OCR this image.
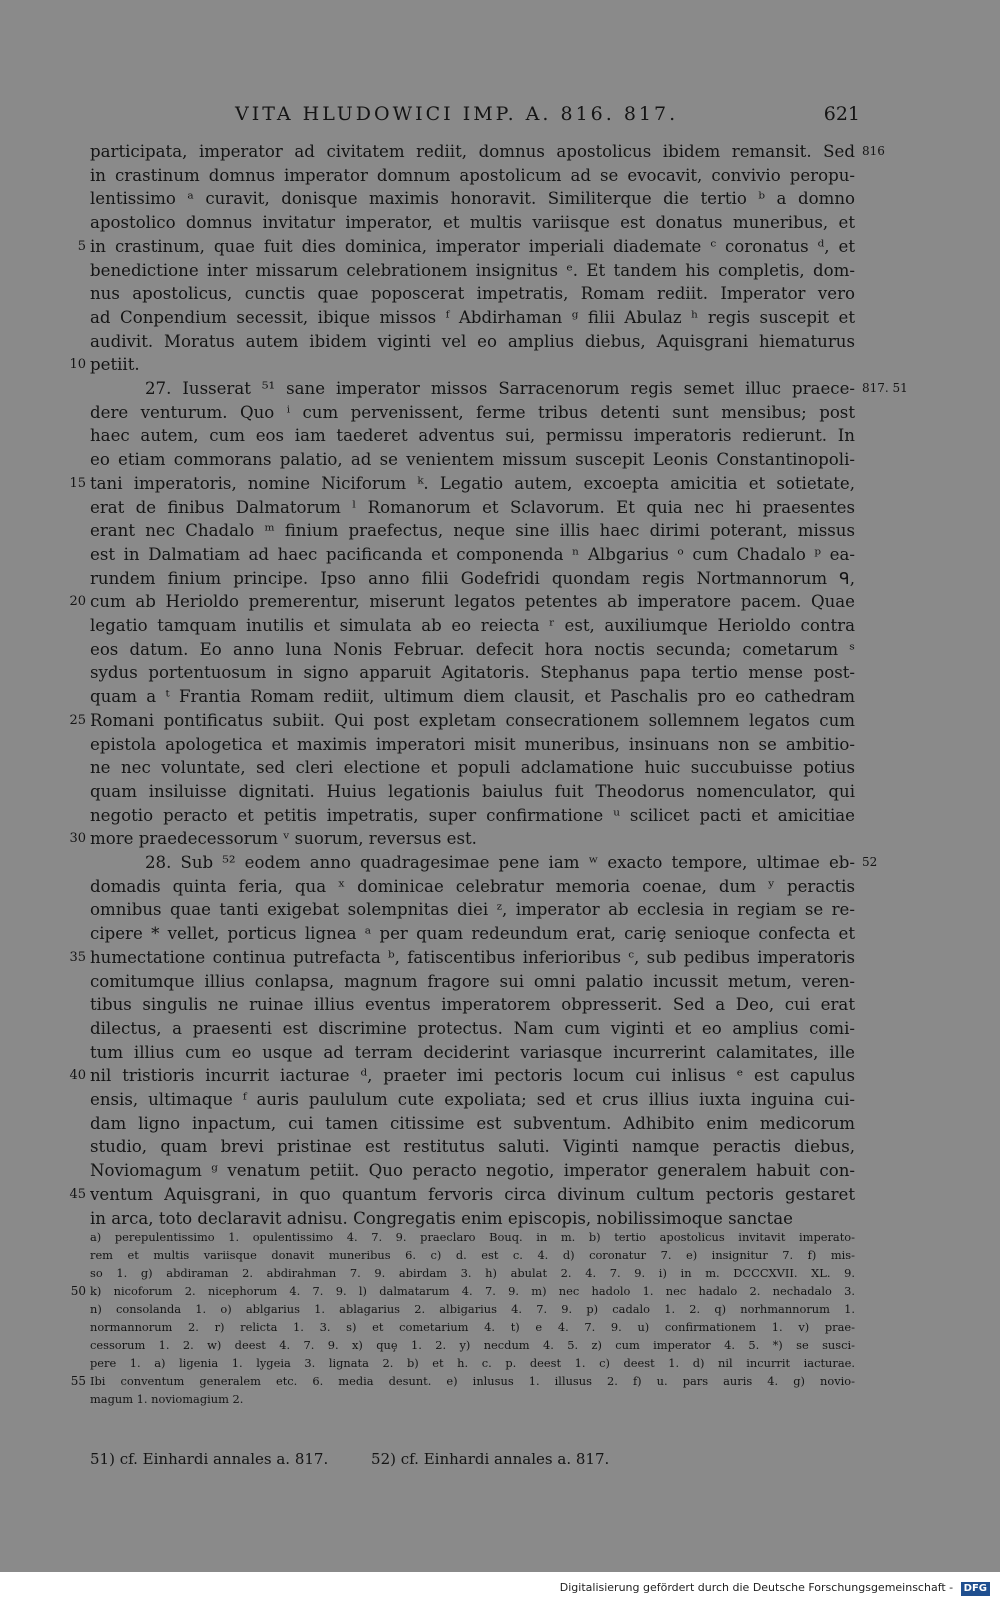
VITA HLUDOWICI IMP. A. 816. 817.	621
participata, imperator ad civitatem rediit, domnus apostolicus ibidem remansit. Sed
in crastinum domnus imperator domnum apostolicum ad se evocavit, convivio peropu-
lentissimo ᵃ curavit, donisque maximis honoravit. Similiterque die tertio ᵇ a domno
apostolico domnus invitatur imperator, et multis variisque est donatus muneribus, et
in crastinum, quae fuit dies dominica, imperator imperiali diademate ᶜ coronatus ᵈ, et
benedictione inter missarum celebrationem insignitus ᵉ. Et tandem his completis, dom-
nus apostolicus, cunctis quae poposcerat impetratis, Romam rediit. Imperator vero
ad Conpendium secessit, ibique missos ᶠ Abdirhaman ᵍ filii Abulaz ʰ regis suscepit et
audivit. Moratus autem ibidem viginti vel eo amplius diebus, Aquisgrani hiematurus
petiit.
27. Iusserat ⁵¹ sane imperator missos Sarracenorum regis semet illuc praece-
dere venturum. Quo ⁱ cum pervenissent, ferme tribus detenti sunt mensibus; post
haec autem, cum eos iam taederet adventus sui, permissu imperatoris redierunt. In
eo etiam commorans palatio, ad se venientem missum suscepit Leonis Constantinopoli-
tani imperatoris, nomine Niciforum ᵏ. Legatio autem, excoepta amicitia et sotietate,
erat de finibus Dalmatorum ˡ Romanorum et Sclavorum. Et quia nec hi praesentes
erant nec Chadalo ᵐ finium praefectus, neque sine illis haec dirimi poterant, missus
est in Dalmatiam ad haec pacificanda et componenda ⁿ Albgarius ᵒ cum Chadalo ᵖ ea-
rundem finium principe. Ipso anno filii Godefridi quondam regis Nortmannorum ᑫ,
cum ab Herioldo premerentur, miserunt legatos petentes ab imperatore pacem. Quae
legatio tamquam inutilis et simulata ab eo reiecta ʳ est, auxiliumque Herioldo contra
eos datum. Eo anno luna Nonis Februar. defecit hora noctis secunda; cometarum ˢ
sydus portentuosum in signo apparuit Agitatoris. Stephanus papa tertio mense post-
quam a ᵗ Frantia Romam rediit, ultimum diem clausit, et Paschalis pro eo cathedram
Romani pontificatus subiit. Qui post expletam consecrationem sollemnem legatos cum
epistola apologetica et maximis imperatori misit muneribus, insinuans non se ambitio-
ne nec voluntate, sed cleri electione et populi adclamatione huic succubuisse potius
quam insiluisse dignitati. Huius legationis baiulus fuit Theodorus nomenculator, qui
negotio peracto et petitis impetratis, super confirmatione ᵘ scilicet pacti et amicitiae
more praedecessorum ᵛ suorum, reversus est.
28. Sub ⁵² eodem anno quadragesimae pene iam ʷ exacto tempore, ultimae eb-
domadis quinta feria, qua ˣ dominicae celebratur memoria coenae, dum ʸ peractis
omnibus quae tanti exigebat solempnitas diei ᶻ, imperator ab ecclesia in regiam se re-
cipere * vellet, porticus lignea ᵃ per quam redeundum erat, cariȩ senioque confecta et
humectatione continua putrefacta ᵇ, fatiscentibus inferioribus ᶜ, sub pedibus imperatoris
comitumque illius conlapsa, magnum fragore sui omni palatio incussit metum, veren-
tibus singulis ne ruinae illius eventus imperatorem obpresserit. Sed a Deo, cui erat
dilectus, a praesenti est discrimine protectus. Nam cum viginti et eo amplius comi-
tum illius cum eo usque ad terram deciderint variasque incurrerint calamitates, ille
nil tristioris incurrit iacturae ᵈ, praeter imi pectoris locum cui inlisus ᵉ est capulus
ensis, ultimaque ᶠ auris paululum cute expoliata; sed et crus illius iuxta inguina cui-
dam ligno inpactum, cui tamen citissime est subventum. Adhibito enim medicorum
studio, quam brevi pristinae est restitutus saluti. Viginti namque peractis diebus,
Noviomagum ᵍ venatum petiit. Quo peracto negotio, imperator generalem habuit con-
ventum Aquisgrani, in quo quantum fervoris circa divinum cultum pectoris gestaret
in arca, toto declaravit adnisu. Congregatis enim episcopis, nobilissimoque sanctae
a) perepulentissimo 1. opulentissimo 4. 7. 9. praeclaro Bouq. in m. b) tertio apostolicus invitavit imperato-
rem et multis variisque donavit muneribus 6. c) d. est c. 4. d) coronatur 7. e) insignitur 7. f) mis-
so 1. g) abdiraman 2. abdirahman 7. 9. abirdam 3. h) abulat 2. 4. 7. 9. i) in m. DCCCXVII. XL. 9.
k) nicoforum 2. nicephorum 4. 7. 9. l) dalmatarum 4. 7. 9. m) nec hadolo 1. nec hadalo 2. nechadalo 3.
n) consolanda 1. o) ablgarius 1. ablagarius 2. albigarius 4. 7. 9. p) cadalo 1. 2. q) norhmannorum 1.
normannorum 2. r) relicta 1. 3. s) et cometarium 4. t) e 4. 7. 9. u) confirmationem 1. v) prae-
cessorum 1. 2. w) deest 4. 7. 9. x) quȩ 1. 2. y) necdum 4. 5. z) cum imperator 4. 5. *) se susci-
pere 1. a) ligenia 1. lygeia 3. lignata 2. b) et h. c. p. deest 1. c) deest 1. d) nil incurrit iacturae.
Ibi conventum generalem etc. 6. media desunt. e) inlusus 1. illusus 2. f) u. pars auris 4. g) novio-
magum 1. noviomagium 2.
51) cf. Einhardi annales a. 817.	52) cf. Einhardi annales a. 817.
816
5
10
817. 51
15
20
25
30
52
35
40
45
50
55
Digitalisierung gefördert durch die Deutsche Forschungsgemeinschaft - DFG
